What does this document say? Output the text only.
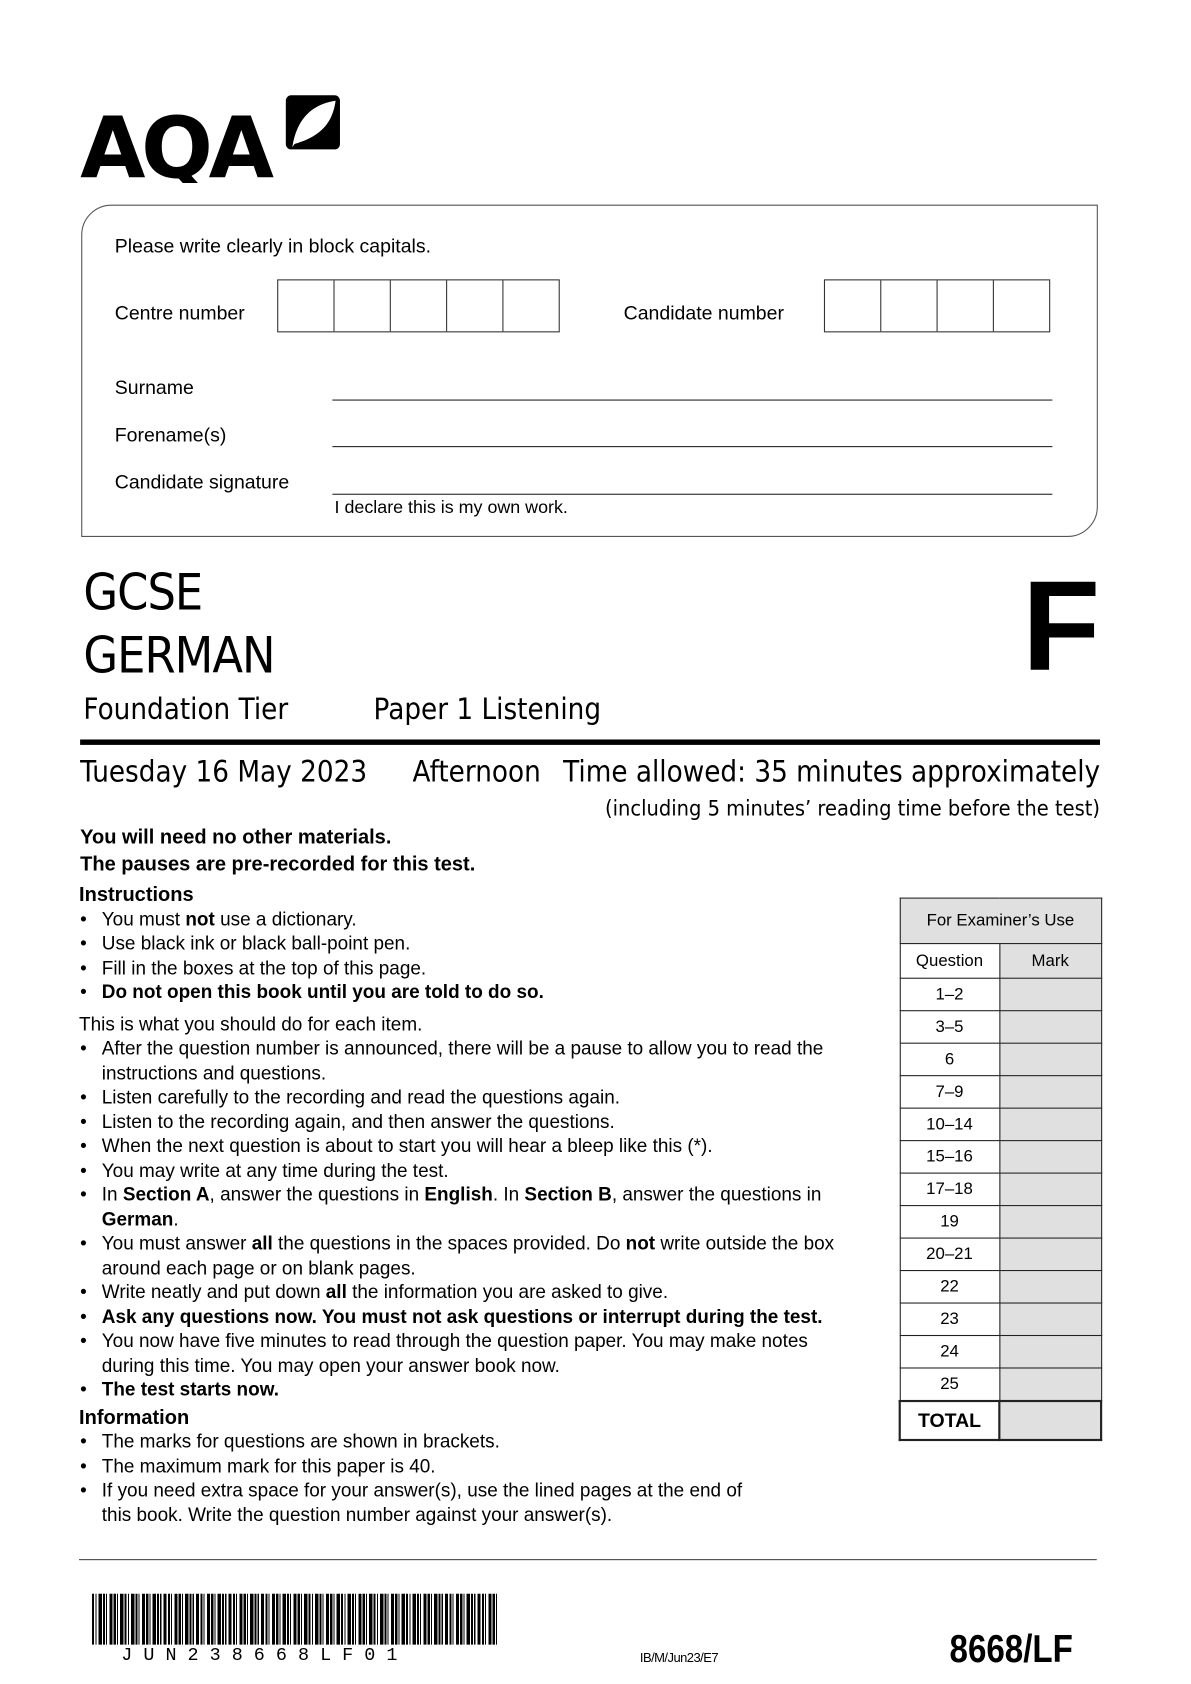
AQA
Please write clearly in block capitals.
Centre number	Candidate number
Surname
Forename(s)
Candidate signature
I declare this is my own work.
GCSE
GERMAN
Foundation Tier	Paper 1 Listening
F
Tuesday 16 May 2023 Afternoon Time allowed: 35 minutes approximately
(including 5 minutes’ reading time before the test)
You will need no other materials.
The pauses are pre-recorded for this test.
Instructions
• You must not use a dictionary.
• Use black ink or black ball-point pen.
• Fill in the boxes at the top of this page.
• Do not open this book until you are told to do so.
This is what you should do for each item.
• After the question number is announced, there will be a pause to allow you to read the
instructions and questions.
• Listen carefully to the recording and read the questions again.
• Listen to the recording again, and then answer the questions.
• When the next question is about to start you will hear a bleep like this (*).
• You may write at any time during the test.
• In Section A, answer the questions in English. In Section B, answer the questions in
German.
• You must answer all the questions in the spaces provided. Do not write outside the box
around each page or on blank pages.
• Write neatly and put down all the information you are asked to give.
• Ask any questions now. You must not ask questions or interrupt during the test.
• You now have five minutes to read through the question paper. You may make notes
during this time. You may open your answer book now.
• The test starts now.
Information
• The marks for questions are shown in brackets.
• The maximum mark for this paper is 40.
• If you need extra space for your answer(s), use the lined pages at the end of
this book. Write the question number against your answer(s).
For Examiner’s Use	
Question	Mark
1–2	
3–5	
6	
7–9	
10–14	
15–16	
17–18	
19	
20–21	
22	
23	
24	
25	
TOTAL	
J U N 2 3 8 6 6 8 L F 0 1	IB/M/Jun23/E7	8668/LF
